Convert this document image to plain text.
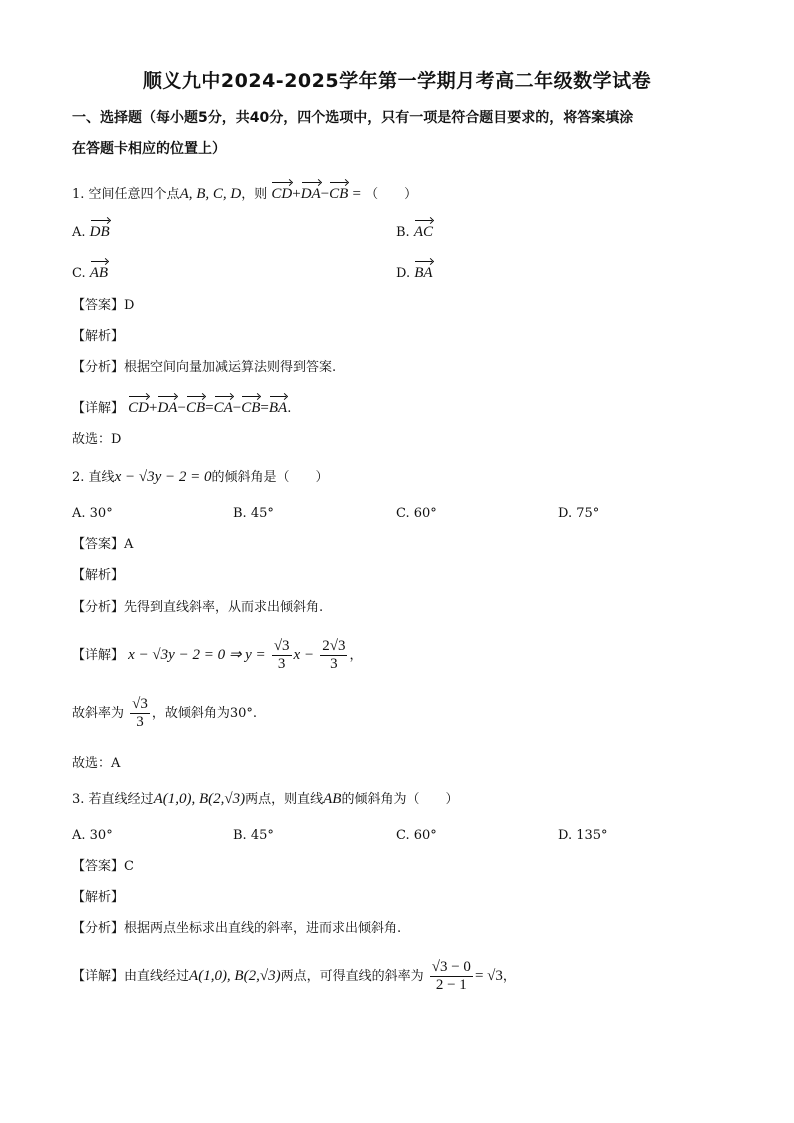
顺义九中2024-2025学年第一学期月考高二年级数学试卷
一、选择题（每小题5分，共40分，四个选项中，只有一项是符合题目要求的，将答案填涂
在答题卡相应的位置上）
1. 空间任意四个点A, B, C, D，则 CD+DA−CB = （　　）
A. DB	B. AC
C. AB	D. BA
【答案】D
【解析】
【分析】根据空间向量加减运算法则得到答案.
【详解】 CD+DA−CB=CA−CB=BA.
故选：D
2. 直线x − √3y − 2 = 0的倾斜角是（　　）
A. 30°	B. 45°	C. 60°	D. 75°
【答案】A
【解析】
【分析】先得到直线斜率，从而求出倾斜角.
【详解】 x − √3y − 2 = 0 ⇒ $y = \frac{√3}{3}$ $x - \frac{2√3}{3}$ ，
故斜率为 $\frac{√3}{3}$ ，故倾斜角为30°.
故选：A
3. 若直线经过A(1,0), B(2,√3)两点，则直线AB的倾斜角为（　　）
A. 30°	B. 45°	C. 60°	D. 135°
【答案】C
【解析】
【分析】根据两点坐标求出直线的斜率，进而求出倾斜角.
【详解】由直线经过A(1,0), B(2,√3)两点，可得直线的斜率为 $\frac{√3 - 0}{2 - 1} = √3$，
